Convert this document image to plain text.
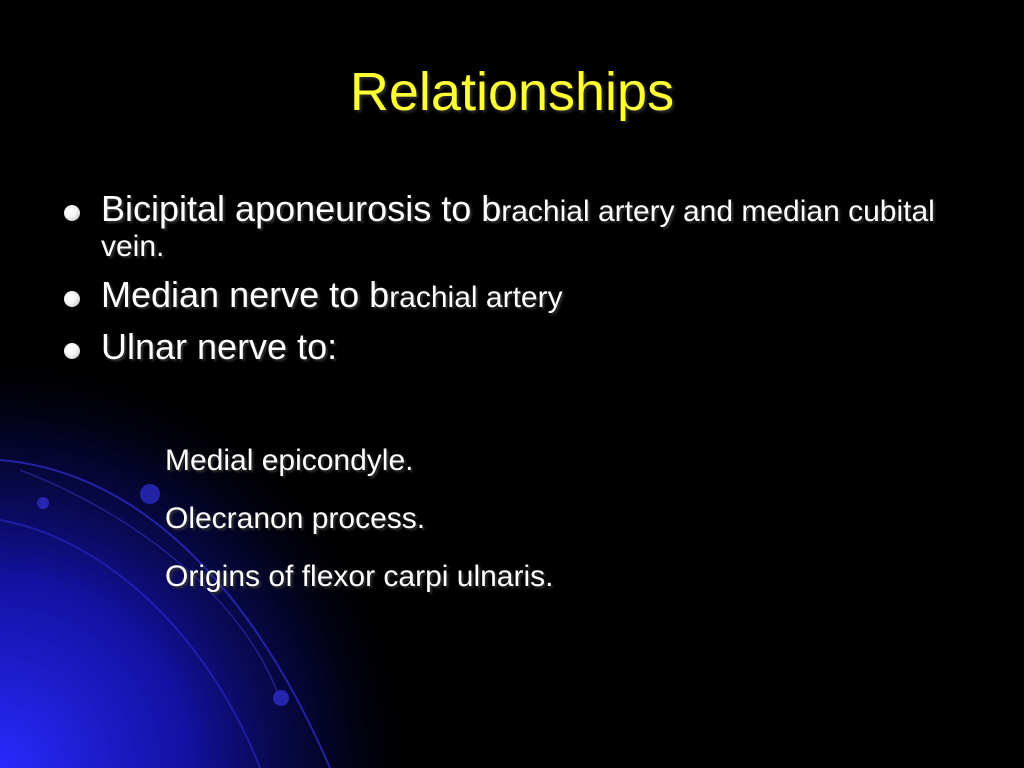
Relationships
Bicipital aponeurosis to brachial artery and median cubital vein.
Median nerve to brachial artery
Ulnar nerve to:
Medial epicondyle.
Olecranon process.
Origins of flexor carpi ulnaris.
